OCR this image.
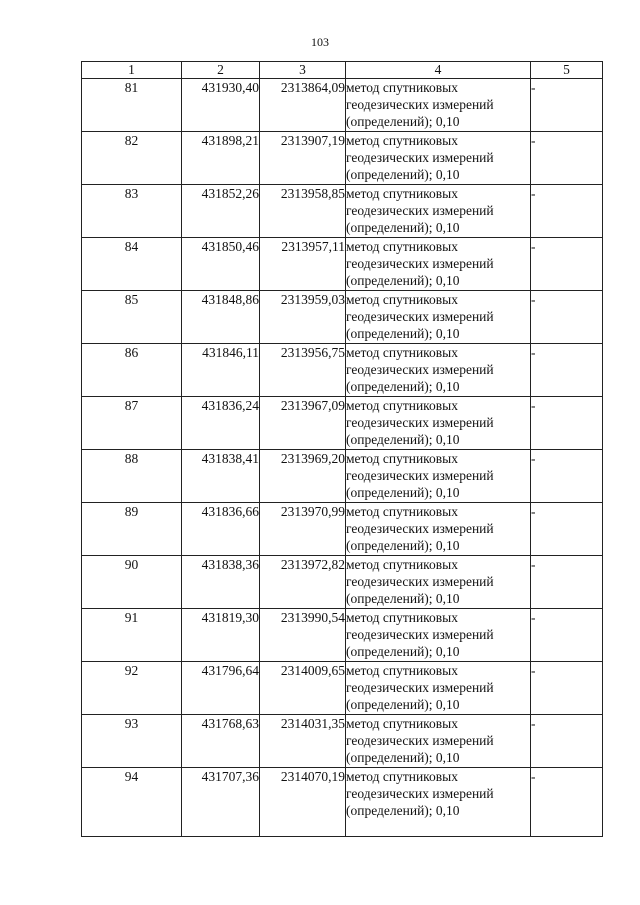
103
1	2	3	4	5
81	431930,40	2313864,09	метод спутниковых геодезических измерений (определений); 0,10	-
82	431898,21	2313907,19	метод спутниковых геодезических измерений (определений); 0,10	-
83	431852,26	2313958,85	метод спутниковых геодезических измерений (определений); 0,10	-
84	431850,46	2313957,11	метод спутниковых геодезических измерений (определений); 0,10	-
85	431848,86	2313959,03	метод спутниковых геодезических измерений (определений); 0,10	-
86	431846,11	2313956,75	метод спутниковых геодезических измерений (определений); 0,10	-
87	431836,24	2313967,09	метод спутниковых геодезических измерений (определений); 0,10	-
88	431838,41	2313969,20	метод спутниковых геодезических измерений (определений); 0,10	-
89	431836,66	2313970,99	метод спутниковых геодезических измерений (определений); 0,10	-
90	431838,36	2313972,82	метод спутниковых геодезических измерений (определений); 0,10	-
91	431819,30	2313990,54	метод спутниковых геодезических измерений (определений); 0,10	-
92	431796,64	2314009,65	метод спутниковых геодезических измерений (определений); 0,10	-
93	431768,63	2314031,35	метод спутниковых геодезических измерений (определений); 0,10	-
94	431707,36	2314070,19	метод спутниковых геодезических измерений (определений); 0,10	-
